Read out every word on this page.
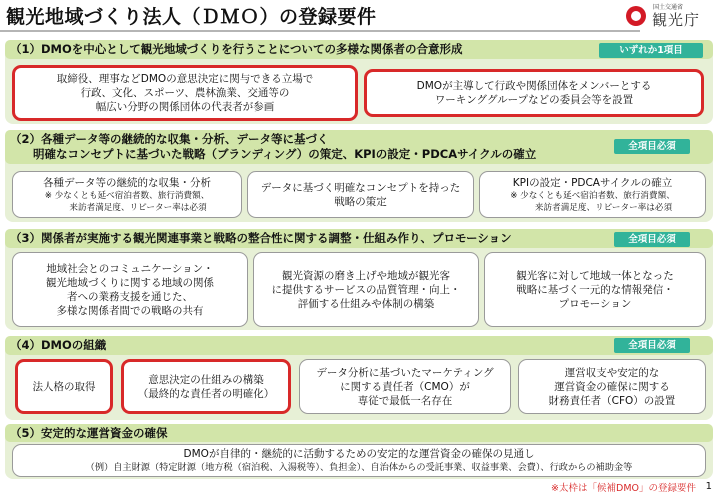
観光地域づくり法人（ＤＭＯ）の登録要件	国土交通省
観光庁
（1）DMOを中心として観光地域づくりを行うことについての多様な関係者の合意形成	いずれか1項目
取締役、理事などDMOの意思決定に関与できる立場で
行政、文化、スポーツ、農林漁業、交通等の
幅広い分野の関係団体の代表者が参画
DMOが主導して行政や関係団体をメンバーとする
ワーキンググループなどの委員会等を設置
（2）各種データ等の継続的な収集・分析、データ等に基づく
　　明確なコンセプトに基づいた戦略（ブランディング）の策定、KPIの設定・PDCAサイクルの確立
全項目必須
各種データ等の継続的な収集・分析
※ 少なくとも延べ宿泊者数、旅行消費額、
来訪者満足度、リピーター率は必須
データに基づく明確なコンセプトを持った
戦略の策定
KPIの設定・PDCAサイクルの確立
※ 少なくとも延べ宿泊者数、旅行消費額、
来訪者満足度、リピーター率は必須
（3）関係者が実施する観光関連事業と戦略の整合性に関する調整・仕組み作り、プロモーション	全項目必須
地域社会とのコミュニケーション・
観光地域づくりに関する地域の関係
者への業務支援を通じた、
多様な関係者間での戦略の共有
観光資源の磨き上げや地域が観光客
に提供するサービスの品質管理・向上・
評価する仕組みや体制の構築
観光客に対して地域一体となった
戦略に基づく一元的な情報発信・
プロモーション
（4）DMOの組織	全項目必須
法人格の取得
意思決定の仕組みの構築
（最終的な責任者の明確化）
データ分析に基づいたマーケティング
に関する責任者（CMO）が
専従で最低一名存在
運営収支や安定的な
運営資金の確保に関する
財務責任者（CFO）の設置
（5）安定的な運営資金の確保
DMOが自律的・継続的に活動するための安定的な運営資金の確保の見通し
（例）自主財源（特定財源（地方税（宿泊税、入湯税等）、負担金）、自治体からの受託事業、収益事業、会費）、行政からの補助金等
※太枠は「候補DMO」の登録要件 1
